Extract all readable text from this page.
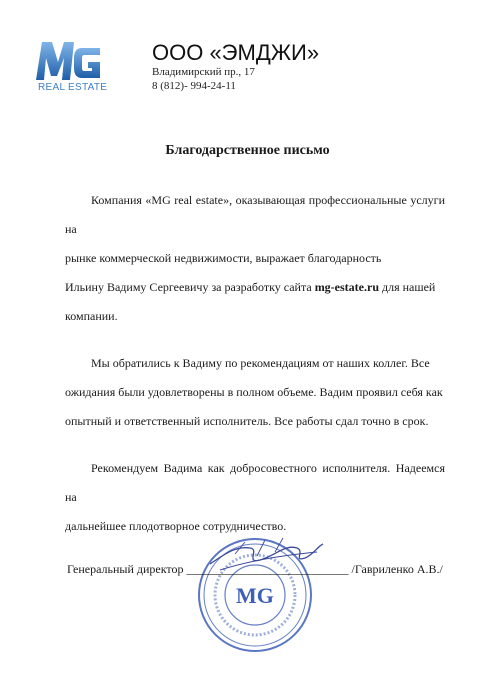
REAL ESTATE
ООО «ЭМДЖИ»
Владимирский пр., 17
8 (812)- 994-24-11
Благодарственное письмо

Компания «MG real estate», оказывающая профессиональные услуги на
рынке коммерческой недвижимости, выражает благодарность
Ильину Вадиму Сергеевичу за разработку сайта mg-estate.ru для нашей
компании.

Мы обратились к Вадиму по рекомендациям от наших коллег. Все
ожидания были удовлетворены в полном объеме. Вадим проявил себя как
опытный и ответственный исполнитель. Все работы сдал точно в срок.

Рекомендуем Вадима как добросовестного исполнителя. Надеемся на
дальнейшее плодотворное сотрудничество.

MG
Генеральный директор ___________________________ /Гавриленко А.В./
